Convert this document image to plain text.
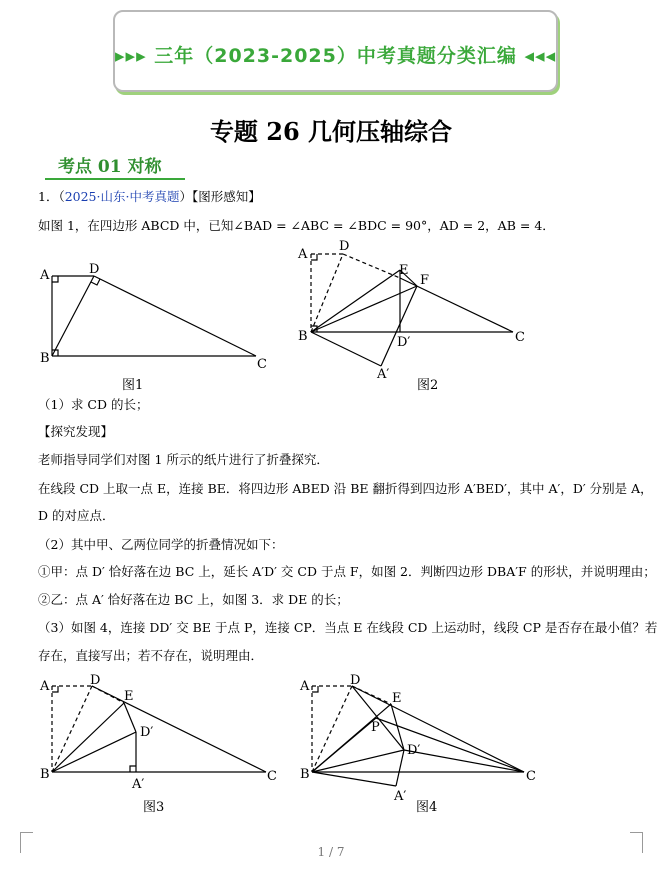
▸▸▸ 三年（2023-2025）中考真题分类汇编 ◂◂◂
专题 26 几何压轴综合
考点 01 对称
1．（2025·山东·中考真题）【图形感知】
如图 1，在四边形 ABCD 中，已知∠BAD = ∠ABC = ∠BDC = 90°，AD = 2，AB = 4．
A
B	C
D
图1
A
B	C
D
E
F
D′
A′
图2
（1）求 CD 的长；
【探究发现】
老师指导同学们对图 1 所示的纸片进行了折叠探究．
在线段 CD 上取一点 E，连接 BE．将四边形 ABED 沿 BE 翻折得到四边形 A′BED′，其中 A′，D′ 分别是 A，
D 的对应点．
（2）其中甲、乙两位同学的折叠情况如下：
①甲：点 D′ 恰好落在边 BC 上，延长 A′D′ 交 CD 于点 F，如图 2．判断四边形 DBA′F 的形状，并说明理由；
②乙：点 A′ 恰好落在边 BC 上，如图 3．求 DE 的长；
（3）如图 4，连接 DD′ 交 BE 于点 P，连接 CP．当点 E 在线段 CD 上运动时，线段 CP 是否存在最小值？若
存在，直接写出；若不存在，说明理由．
A
B	C
D
E
D′
A′
图3
A
B	C
D
E
P
D′
A′
图4
1 / 7
